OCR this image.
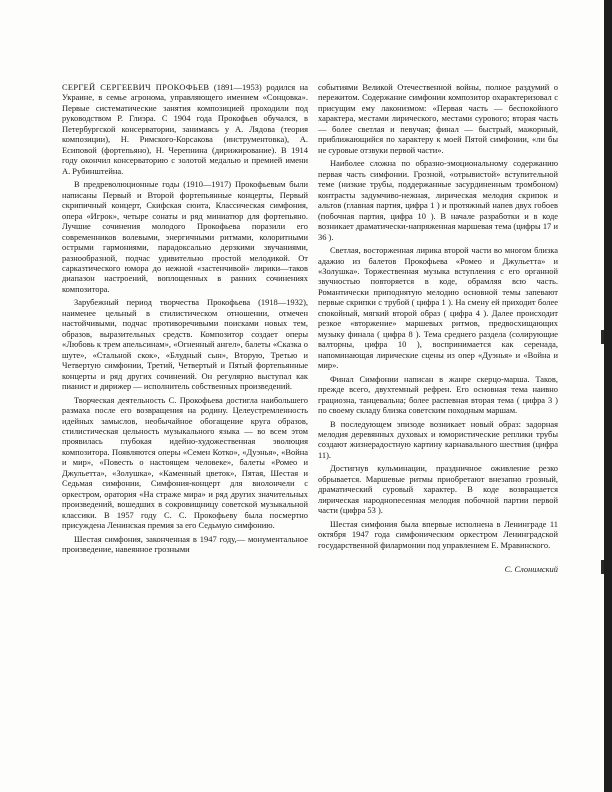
СЕРГЕЙ СЕРГЕЕВИЧ ПРОКОФЬЕВ (1891—1953) родился на Украине, в семье агронома, управляющего имением «Сонцовка». Первые систематические занятия композицией проходили под руководством Р. Глиэра. С 1904 года Прокофьев обучался, в Петербургской консерватории, занимаясь у А. Лядова (теория композиции), Н. Римского-Корсакова (инструментовка), А. Есиповой (фортепьяно), Н. Черепнина (дирижирование). В 1914 году окончил консерваторию с золотой медалью и премией имени А. Рубинштейна.

В предреволюционные годы (1910—1917) Прокофьевым были написаны Первый и Второй фортепьянные концерты, Первый скрипичный концерт, Скифская сюита, Классическая симфония, опера «Игрок», четыре сонаты и ряд миниатюр для фортепьяно. Лучшие сочинения молодого Прокофьева поразили его современников волевыми, энергичными ритмами, колоритными острыми гармониями, парадоксально дерзкими звучаниями, разнообразной, подчас удивительно простой мелодикой. От сарказтического юмора до нежной «застенчивой» лирики—таков диапазон настроений, воплощенных в ранних сочинениях композитора.

Зарубежный период творчества Прокофьева (1918—1932), наименее цельный в стилистическом отношении, отмечен настойчивыми, подчас противоречивыми поисками новых тем, образов, выразительных средств. Композитор создает оперы «Любовь к трем апельсинам», «Огненный ангел», балеты «Сказка о шуте», «Стальной скок», «Блудный сын», Вторую, Третью и Четвертую симфонии, Третий, Четвертый и Пятый фортепьянные концерты и ряд других сочинений. Он регулярно выступал как пианист и дирижер — исполнитель собственных произведений.

Творческая деятельность С. Прокофьева достигла наибольшего размаха после его возвращения на родину. Целеустремленность идейных замыслов, необычайное обогащение круга образов, стилистическая цельность музыкального языка — во всем этом проявилась глубокая идейно-художественная эволюция композитора. Появляются оперы «Семен Котко», «Дуэнья», «Война и мир», «Повесть о настоящем человеке», балеты «Ромео и Джульетта», «Золушка», «Каменный цветок», Пятая, Шестая и Седьмая симфонии, Симфония-концерт для виолончели с оркестром, оратория «На страже мира» и ряд других значительных произведений, вошедших в сокровищницу советской музыкальной классики. В 1957 году С. С. Прокофьеву была посмертно присуждена Ленинская премия за его Седьмую симфонию.

Шестая симфония, законченная в 1947 году,— монументальное произведение, навеянное грозными

событиями Великой Отечественной войны, полное раздумий о пережитом. Содержание симфонии композитор охарактеризовал с присущим ему лаконизмом: «Первая часть — беспокойного характера, местами лирического, местами сурового; вторая часть — более светлая и певучая; финал — быстрый, мажорный, приближающийся по характеру к моей Пятой симфонии, «ли бы не суровые отзвуки первой части».

Наиболее сложна по образно-эмоциональному содержанию первая часть симфонии. Грозной, «отрывистой» вступительной теме (низкие трубы, поддержанные засурдиненным тромбоном) контрасты задумчиво-нежная, лирическая мелодия скрипок и альтов (главная партия, цифра 1 ) и протяжный напев двух гобоев (побочная партия, цифра 10 ). В начале разработки и в коде возникает драматически-напряженная маршевая тема (цифры 17 и 36 ).

Светлая, восторженная лирика второй части во многом близка адажио из балетов Прокофьева «Ромео и Джульетта» и «Золушка». Торжественная музыка вступления с его органной звучностью повторяется в коде, обрамляя всю часть. Романтически приподнятую мелодию основной темы запевают первые скрипки с трубой ( цифра 1 ). На смену ей приходит более спокойный, мягкий второй образ ( цифра 4 ). Далее происходит резкое «вторжение» маршевых ритмов, предвосхищающих музыку финала ( цифра 8 ). Тема среднего раздела (солирующие валторны, цифра 10 ), воспринимается как серенада, напоминающая лирические сцены из опер «Дуэнья» и «Война и мир».

Финал Симфонии написан в жанре скерцо-марша. Таков, прежде всего, двухтемный рефрен. Его основная тема наивно грациозна, танцевальна; более распевная вторая тема ( цифра 3 ) по своему складу близка советским походным маршам.

В последующем эпизоде возникает новый образ: задорная мелодия деревянных духовых и юмористические реплики трубы создают жизнерадостную картину карнавального шествия (цифра 11).

Достигнув кульминации, праздничное оживление резко обрывается. Маршевые ритмы приобретают внезапно грозный, драматический суровый характер. В коде возвращается лирическая народнопесенная мелодия побочной партии первой части (цифра 53 ).

Шестая симфония была впервые исполнена в Ленинграде 11 октября 1947 года симфоническим оркестром Ленинградской государственной филармонии под управлением Е. Мравинского.

С. Слонимский
